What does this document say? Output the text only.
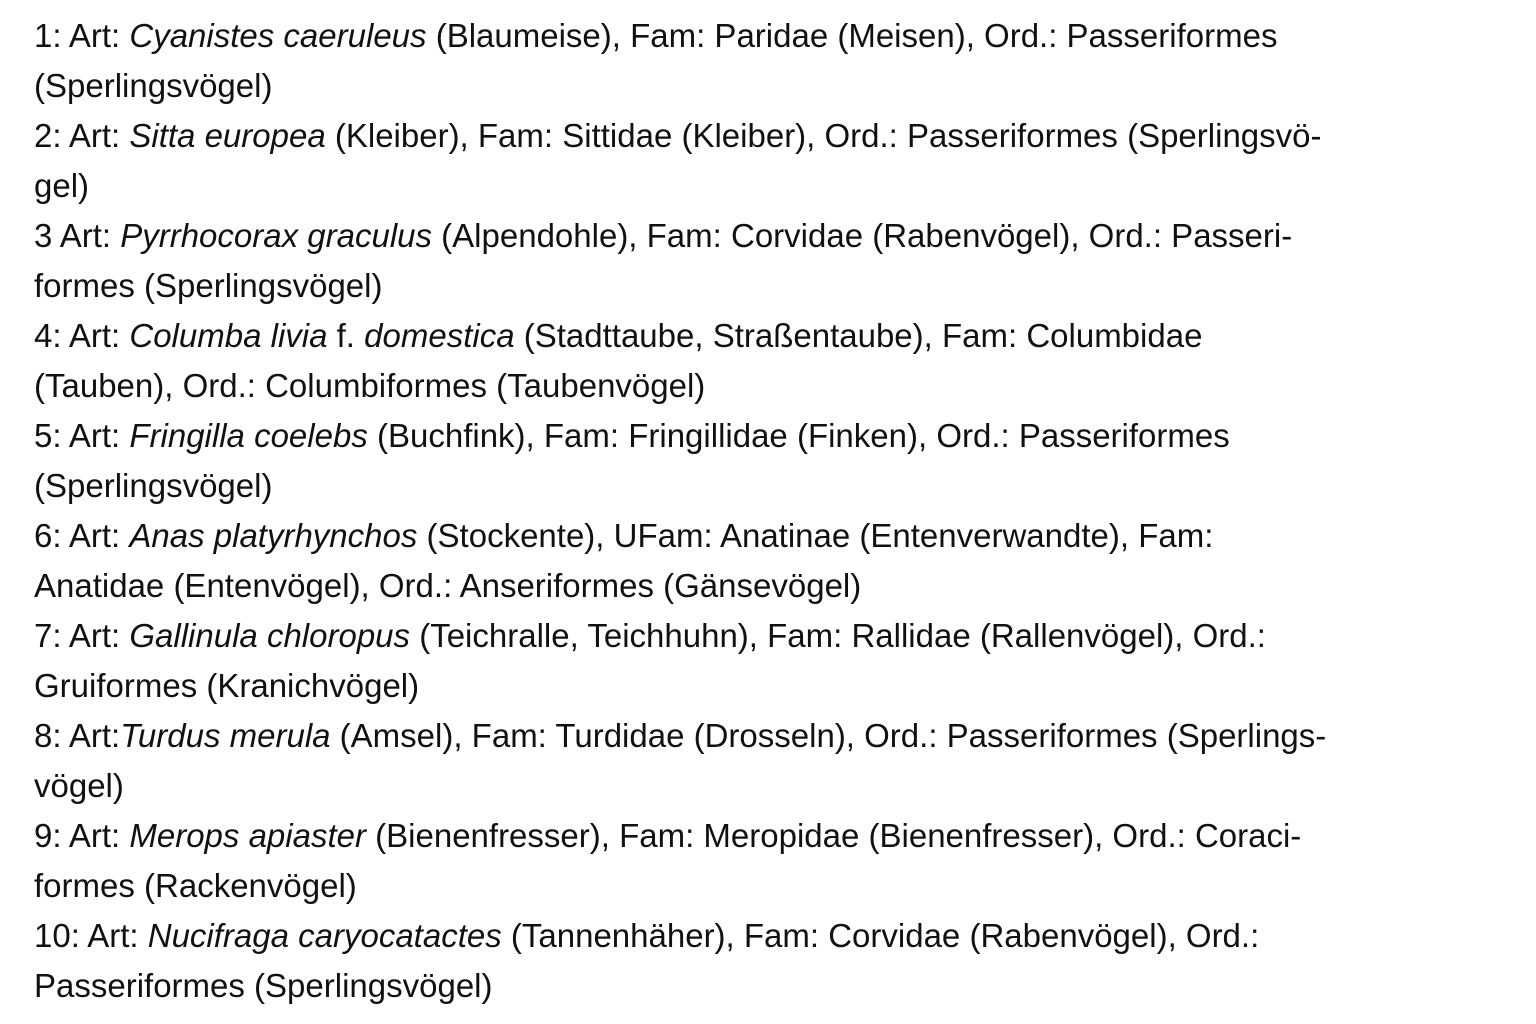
1: Art: Cyanistes caeruleus (Blaumeise), Fam: Paridae (Meisen), Ord.: Passeriformes
(Sperlingsvögel)

2: Art: Sitta europea (Kleiber), Fam: Sittidae (Kleiber), Ord.: Passeriformes (Sperlingsvö-
gel)

3 Art: Pyrrhocorax graculus (Alpendohle), Fam: Corvidae (Rabenvögel), Ord.: Passeri-
formes (Sperlingsvögel)

4: Art: Columba livia f. domestica (Stadttaube, Straßentaube), Fam: Columbidae
(Tauben), Ord.: Columbiformes (Taubenvögel)

5: Art: Fringilla coelebs (Buchfink), Fam: Fringillidae (Finken), Ord.: Passeriformes
(Sperlingsvögel)

6: Art: Anas platyrhynchos (Stockente), UFam: Anatinae (Entenverwandte), Fam:
Anatidae (Entenvögel), Ord.: Anseriformes (Gänsevögel)

7: Art: Gallinula chloropus (Teichralle, Teichhuhn), Fam: Rallidae (Rallenvögel), Ord.:
Gruiformes (Kranichvögel)

8: Art:Turdus merula (Amsel), Fam: Turdidae (Drosseln), Ord.: Passeriformes (Sperlings-
vögel)

9: Art: Merops apiaster (Bienenfresser), Fam: Meropidae (Bienenfresser), Ord.: Coraci-
formes (Rackenvögel)

10: Art: Nucifraga caryocatactes (Tannenhäher), Fam: Corvidae (Rabenvögel), Ord.:
Passeriformes (Sperlingsvögel)
